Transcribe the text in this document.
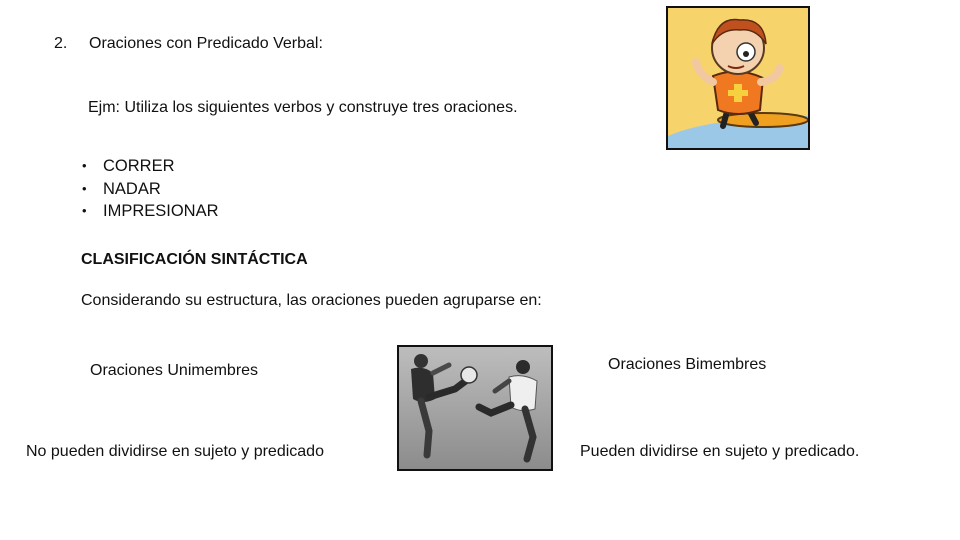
2. Oraciones con Predicado Verbal:
Ejm: Utiliza los siguientes verbos y construye tres oraciones.
• CORRER
• NADAR
• IMPRESIONAR
CLASIFICACIÓN SINTÁCTICA
Considerando su estructura, las oraciones pueden agruparse en:
Oraciones Unimembres
No pueden dividirse en sujeto y predicado
Oraciones Bimembres
Pueden dividirse en sujeto y predicado.
